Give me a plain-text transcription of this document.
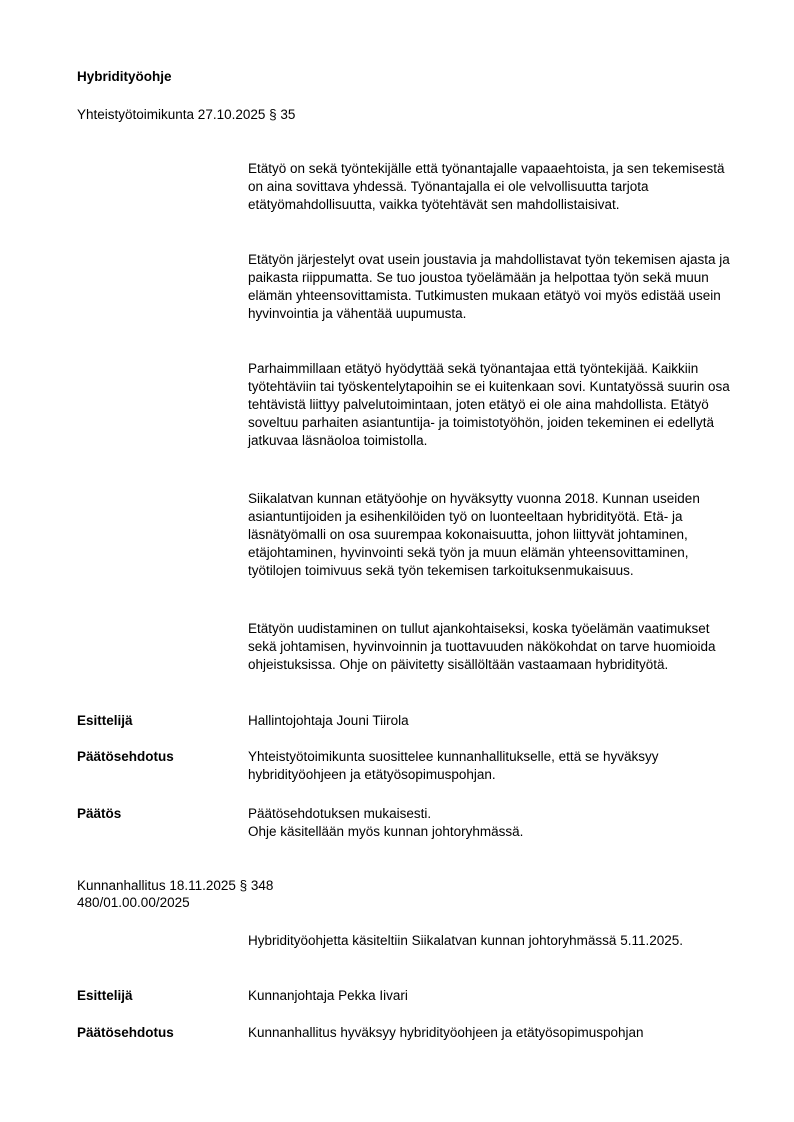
Hybridityöohje
Yhteistyötoimikunta 27.10.2025 § 35

Etätyö on sekä työntekijälle että työnantajalle vapaaehtoista, ja sen tekemisestä on aina sovittava yhdessä. Työnantajalla ei ole velvollisuutta tarjota etätyömahdollisuutta, vaikka työtehtävät sen mahdollistaisivat.

Etätyön järjestelyt ovat usein joustavia ja mahdollistavat työn tekemisen ajasta ja paikasta riippumatta. Se tuo joustoa työelämään ja helpottaa työn sekä muun elämän yhteensovittamista. Tutkimusten mukaan etätyö voi myös edistää usein hyvinvointia ja vähentää uupumusta.

Parhaimmillaan etätyö hyödyttää sekä työnantajaa että työntekijää. Kaikkiin työtehtäviin tai työskentelytapoihin se ei kuitenkaan sovi. Kuntatyössä suurin osa tehtävistä liittyy palvelutoimintaan, joten etätyö ei ole aina mahdollista. Etätyö soveltuu parhaiten asiantuntija- ja toimistotyöhön, joiden tekeminen ei edellytä jatkuvaa läsnäoloa toimistolla.

Siikalatvan kunnan etätyöohje on hyväksytty vuonna 2018. Kunnan useiden asiantuntijoiden ja esihenkilöiden työ on luonteeltaan hybridityötä. Etä- ja läsnätyömalli on osa suurempaa kokonaisuutta, johon liittyvät johtaminen, etäjohtaminen, hyvinvointi sekä työn ja muun elämän yhteensovittaminen, työtilojen toimivuus sekä työn tekemisen tarkoituksenmukaisuus.

Etätyön uudistaminen on tullut ajankohtaiseksi, koska työelämän vaatimukset sekä johtamisen, hyvinvoinnin ja tuottavuuden näkökohdat on tarve huomioida ohjeistuksissa. Ohje on päivitetty sisällöltään vastaamaan hybridityötä.

Esittelijä	Hallintojohtaja Jouni Tiirola
Päätösehdotus	Yhteistyötoimikunta suosittelee kunnanhallitukselle, että se hyväksyy hybridityöohjeen ja etätyösopimuspohjan.
Päätös	Päätösehdotuksen mukaisesti.
Ohje käsitellään myös kunnan johtoryhmässä.
Kunnanhallitus 18.11.2025 § 348
480/01.00.00/2025

Hybridityöohjetta käsiteltiin Siikalatvan kunnan johtoryhmässä 5.11.2025.

Esittelijä	Kunnanjohtaja Pekka Iivari
Päätösehdotus	Kunnanhallitus hyväksyy hybridityöohjeen ja etätyösopimuspohjan
